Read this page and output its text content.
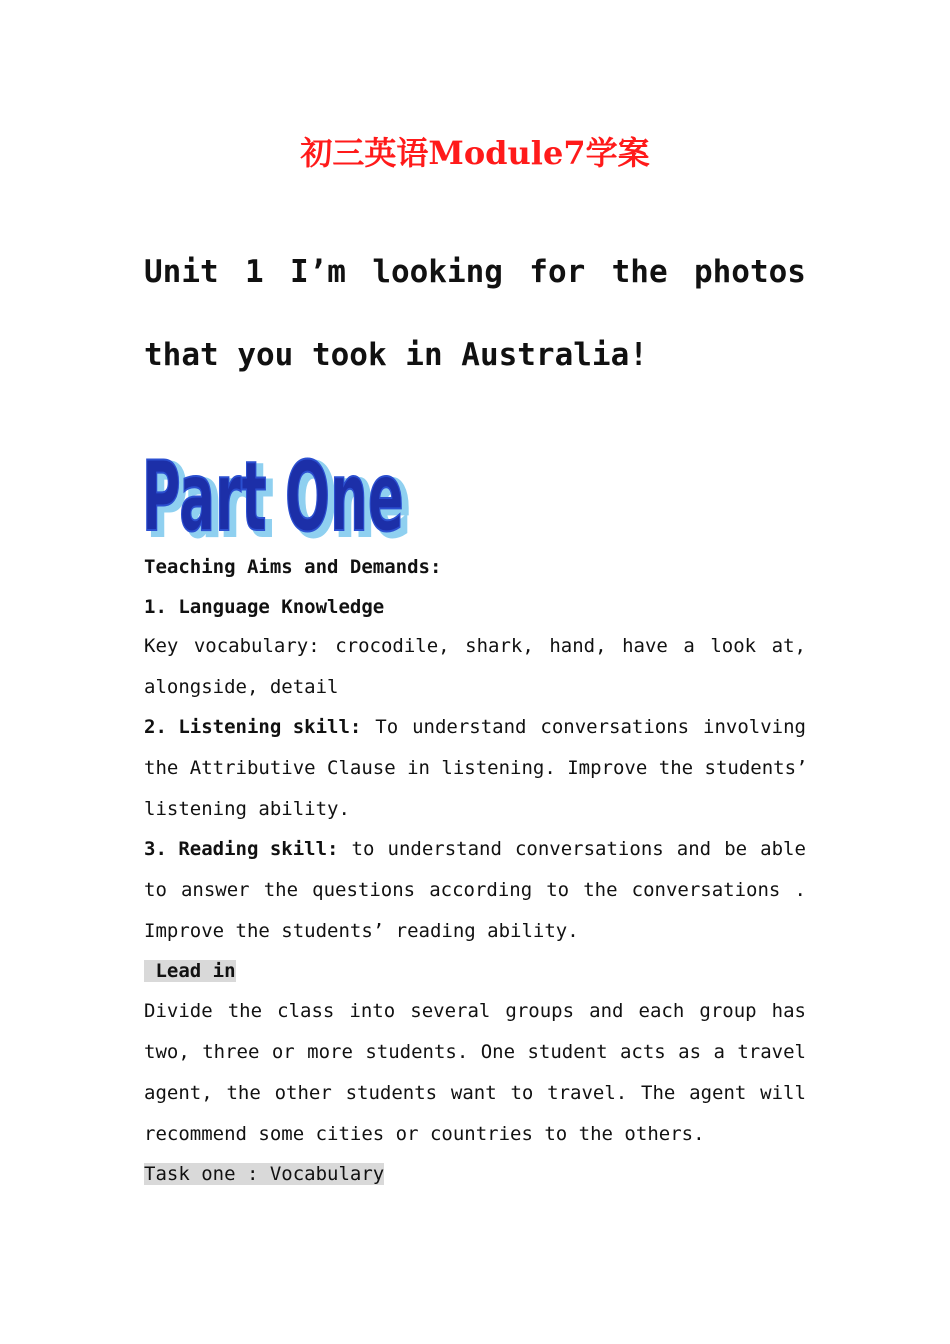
初三英语Module7学案
Unit 1 I’m looking for the photos
that you took in Australia!
Part One
Part One
Teaching Aims and Demands:
1. Language Knowledge
Key vocabulary: crocodile, shark, hand, have a look at,
alongside, detail
2. Listening skill: To understand conversations involving
the Attributive Clause in listening. Improve the students’
listening ability.
3. Reading skill: to understand conversations and be able
to answer the questions according to the conversations .
Improve the students’ reading ability.
Lead in
Divide the class into several groups and each group has
two, three or more students. One student acts as a travel
agent, the other students want to travel. The agent will
recommend some cities or countries to the others.
Task one : Vocabulary
